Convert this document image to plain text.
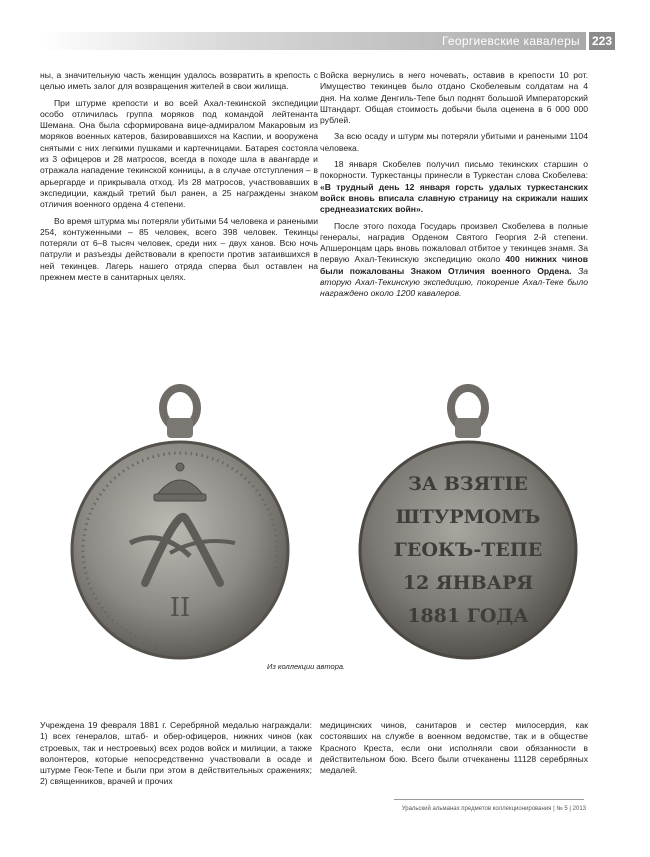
Георгиевские кавалеры 223

ны, а значительную часть женщин удалось возвратить в крепость с целью иметь залог для возвращения жителей в свои жилища.

При штурме крепости и во всей Ахал-текинской экспедиции особо отличилась группа моряков под командой лейтенанта Шемана. Она была сформирована вице-адмиралом Макаровым из моряков военных катеров, базировавшихся на Каспии, и вооружена снятыми с них легкими пушками и картечницами. Батарея состояла из 3 офицеров и 28 матросов, всегда в походе шла в авангарде и отражала нападение текинской конницы, а в случае отступления – в арьергарде и прикрывала отход. Из 28 матросов, участвовавших в экспедиции, каждый третий был ранен, а 25 награждены знаком отличия военного ордена 4 степени.

Во время штурма мы потеряли убитыми 54 человека и ранеными 254, контуженными – 85 человек, всего 398 человек. Текинцы потеряли от 6–8 тысяч человек, среди них – двух ханов. Всю ночь патрули и разъезды действовали в крепости против затаившихся в ней текинцев. Лагерь нашего отряда сперва был оставлен на прежнем месте в санитарных целях.

Войска вернулись в него ночевать, оставив в крепости 10 рот. Имущество текинцев было отдано Скобелевым солдатам на 4 дня. На холме Денгиль-Тепе был поднят большой Императорский Штандарт. Общая стоимость добычи была оценена в 6 000 000 рублей.

За всю осаду и штурм мы потеряли убитыми и ранеными 1104 человека.

18 января Скобелев получил письмо текинских старшин о покорности. Туркестанцы принесли в Туркестан слова Скобелева: «В трудный день 12 января горсть удалых туркестанских войск вновь вписала славную страницу на скрижали наших среднеазиатских войн».

После этого похода Государь произвел Скобелева в полные генералы, наградив Орденом Святого Георгия 2-й степени. Апшеронцам царь вновь пожаловал отбитое у текинцев знамя. За первую Ахал-Текинскую экспедицию около 400 нижних чинов были пожалованы Знаком Отличия военного Ордена. За вторую Ахал-Текинскую экспедицию, покорение Ахал-Теке было награждено около 1200 кавалеров.

II
ЗА ВЗЯТIЕ
ШТУРМОМЪ
ГЕОКЪ-ТЕПЕ
12 ЯНВАРЯ
1881 ГОДА
Из коллекции автора.

Учреждена 19 февраля 1881 г. Серебряной медалью награждали: 1) всех генералов, штаб- и обер-офицеров, нижних чинов (как строевых, так и нестроевых) всех родов войск и милиции, а также волонтеров, которые непосредственно участвовали в осаде и штурме Геок-Тепе и были при этом в действительных сражениях; 2) священников, врачей и прочих

медицинских чинов, санитаров и сестер милосердия, как состоявших на службе в военном ведомстве, так и в обществе Красного Креста, если они исполняли свои обязанности в действительном бою. Всего были отчеканены 11128 серебряных медалей.

Уральский альманах предметов коллекционирования | № 5 | 2013
